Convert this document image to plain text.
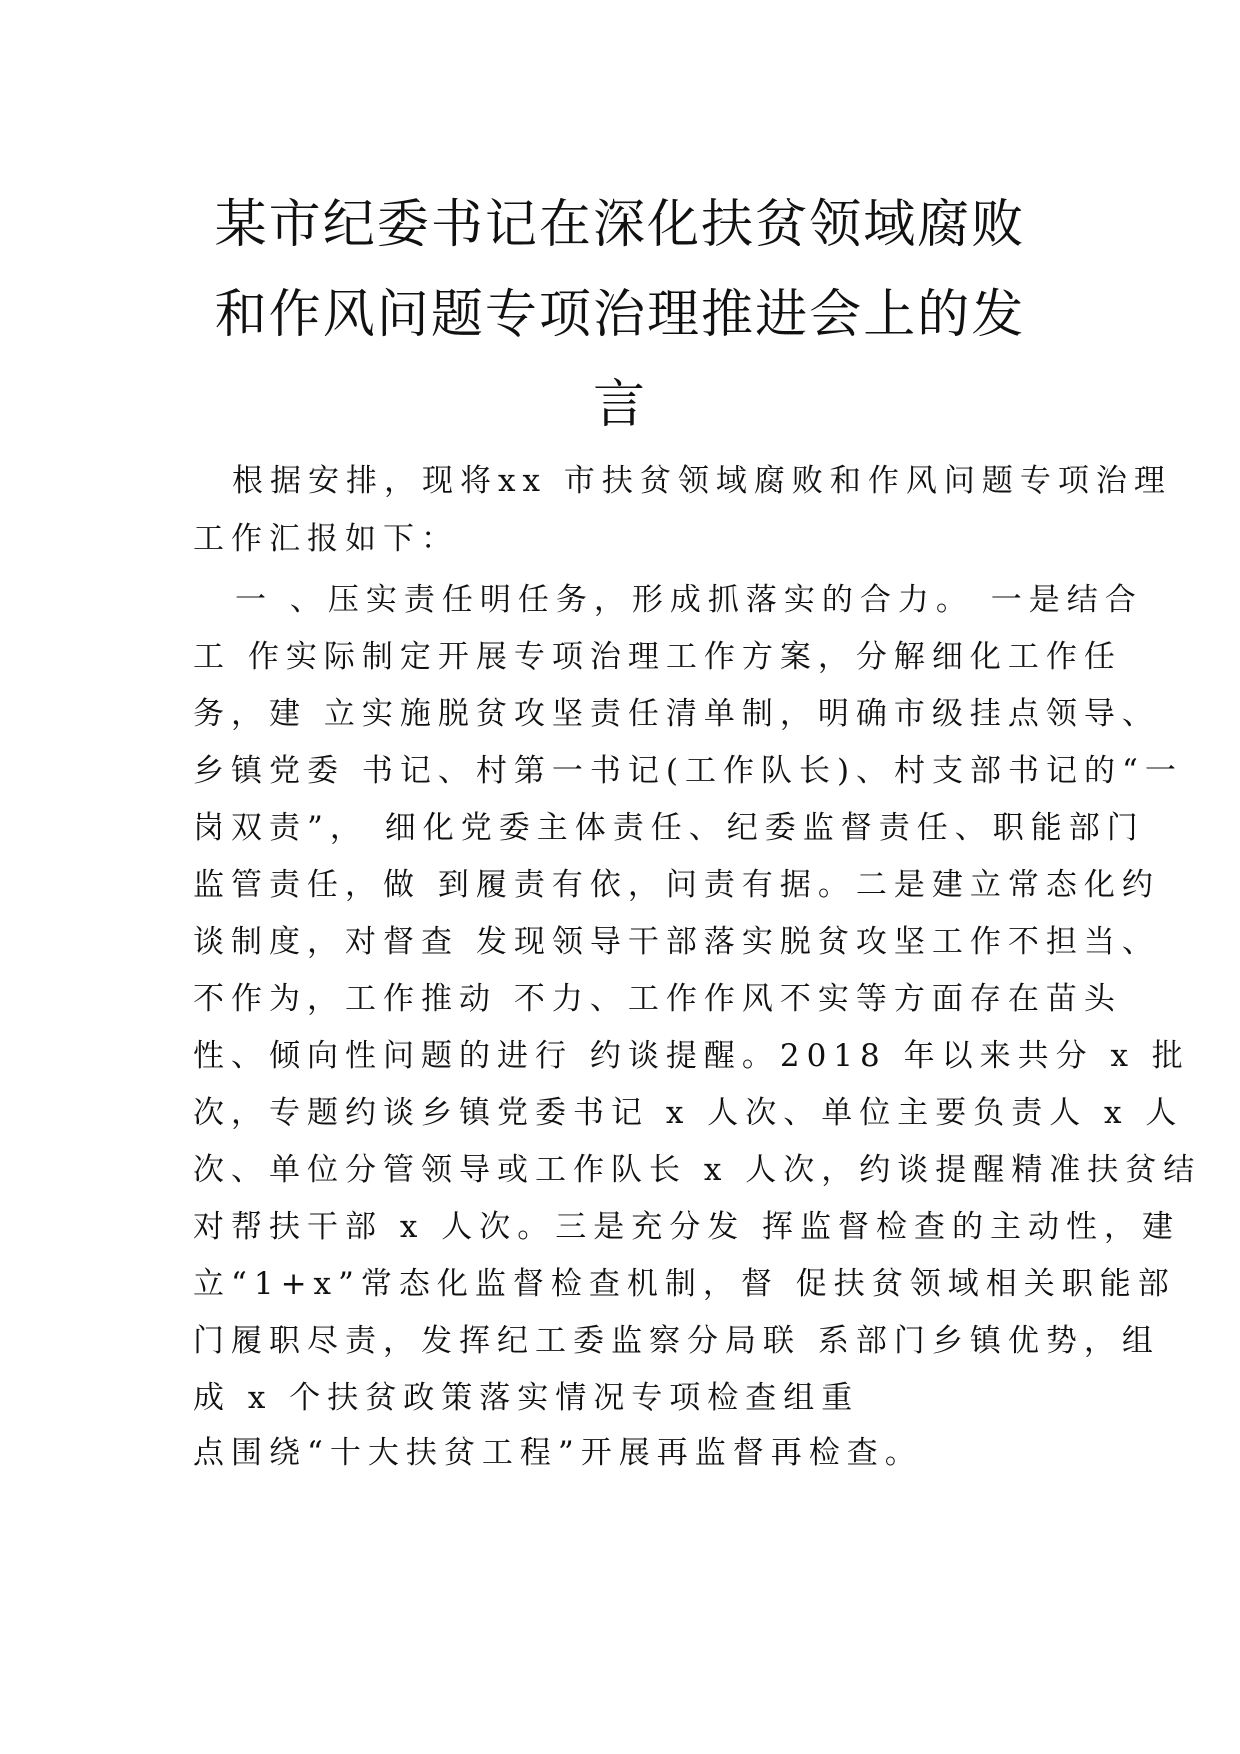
某市纪委书记在深化扶贫领域腐败
和作风问题专项治理推进会上的发
言

根据安排，现将xx 市扶贫领域腐败和作风问题专项治理

工作汇报如下：

一 、压实责任明任务，形成抓落实的合力。 一是结合

工 作实际制定开展专项治理工作方案，分解细化工作任

务，建 立实施脱贫攻坚责任清单制，明确市级挂点领导、

乡镇党委 书记、村第一书记(工作队长)、村支部书记的“一

岗双责”， 细化党委主体责任、纪委监督责任、职能部门

监管责任，做 到履责有依，问责有据。二是建立常态化约

谈制度，对督查 发现领导干部落实脱贫攻坚工作不担当、

不作为，工作推动 不力、工作作风不实等方面存在苗头

性、倾向性问题的进行 约谈提醒。2018 年以来共分 x 批

次，专题约谈乡镇党委书记 x 人次、单位主要负责人 x 人

次、单位分管领导或工作队长 x 人次，约谈提醒精准扶贫结

对帮扶干部 x 人次。三是充分发 挥监督检查的主动性，建

立“1+x”常态化监督检查机制，督 促扶贫领域相关职能部

门履职尽责，发挥纪工委监察分局联 系部门乡镇优势，组

成 x 个扶贫政策落实情况专项检查组重

点围绕“十大扶贫工程”开展再监督再检查。
